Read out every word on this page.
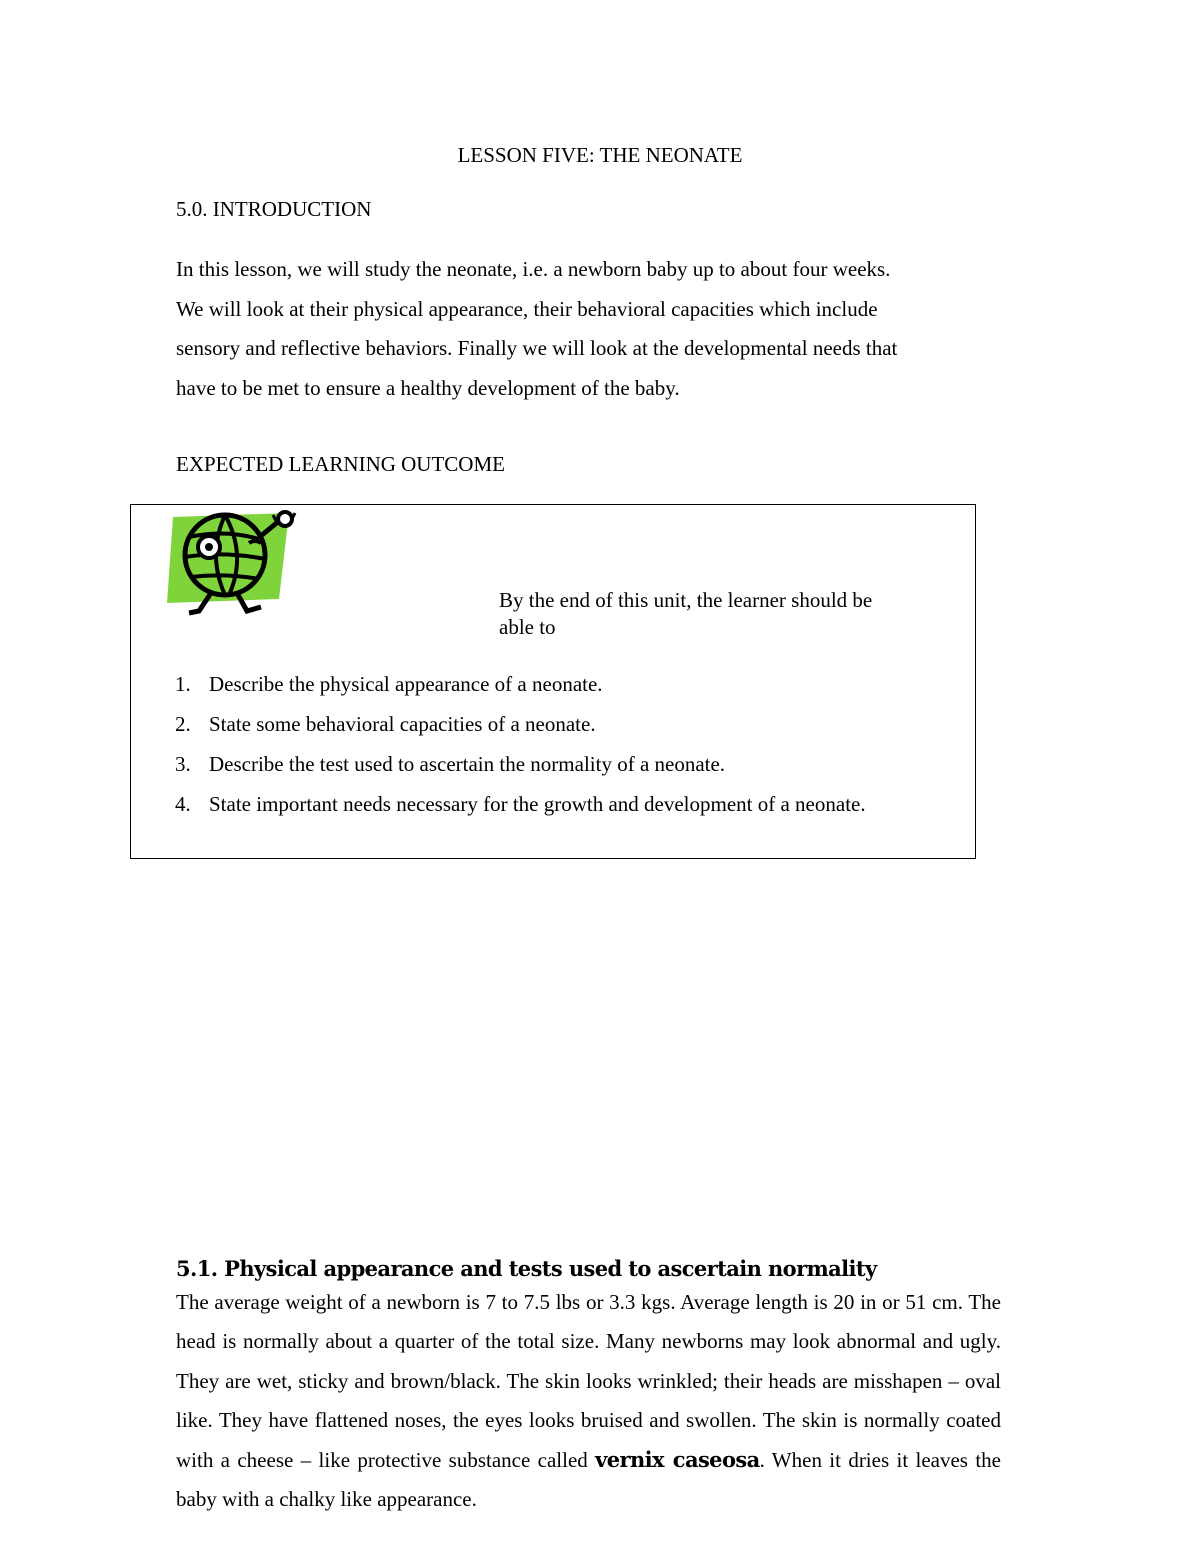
LESSON FIVE: THE NEONATE
5.0. INTRODUCTION

In this lesson, we will study the neonate, i.e. a newborn baby up to about four weeks.

We will look at their physical appearance, their behavioral capacities which include

sensory and reflective behaviors. Finally we will look at the developmental needs that

have to be met to ensure a healthy development of the baby.

EXPECTED LEARNING OUTCOME
By the end of this unit, the learner should be
able to
1. Describe the physical appearance of a neonate.
2. State some behavioral capacities of a neonate.
3. Describe the test used to ascertain the normality of a neonate.
4. State important needs necessary for the growth and development of a neonate.
5.1. Physical appearance and tests used to ascertain normality

The average weight of a newborn is 7 to 7.5 lbs or 3.3 kgs. Average length is 20 in or 51 cm. The head is normally about a quarter of the total size. Many newborns may look abnormal and ugly. They are wet, sticky and brown/black. The skin looks wrinkled; their heads are misshapen – oval like. They have flattened noses, the eyes looks bruised and swollen. The skin is normally coated with a cheese – like protective substance called vernix caseosa. When it dries it leaves the baby with a chalky like appearance.
